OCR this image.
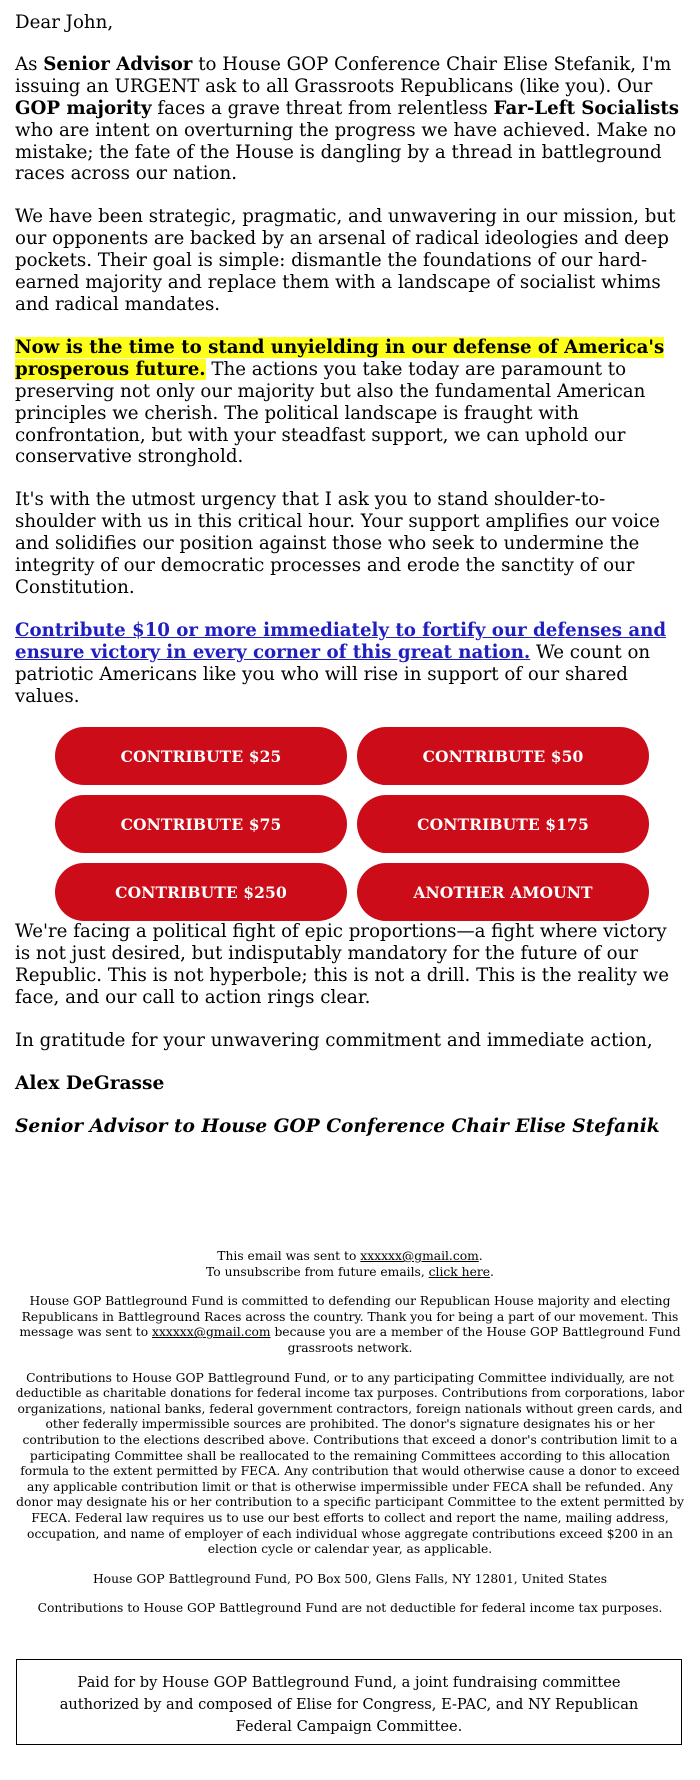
Dear John,

As Senior Advisor to House GOP Conference Chair Elise Stefanik, I'm issuing an URGENT ask to all Grassroots Republicans (like you). Our GOP majority faces a grave threat from relentless Far-Left Socialists who are intent on overturning the progress we have achieved. Make no mistake; the fate of the House is dangling by a thread in battleground races across our nation.

We have been strategic, pragmatic, and unwavering in our mission, but our opponents are backed by an arsenal of radical ideologies and deep pockets. Their goal is simple: dismantle the foundations of our hard-earned majority and replace them with a landscape of socialist whims and radical mandates.

Now is the time to stand unyielding in our defense of America's prosperous future. The actions you take today are paramount to preserving not only our majority but also the fundamental American principles we cherish. The political landscape is fraught with confrontation, but with your steadfast support, we can uphold our conservative stronghold.

It's with the utmost urgency that I ask you to stand shoulder-to-shoulder with us in this critical hour. Your support amplifies our voice and solidifies our position against those who seek to undermine the integrity of our democratic processes and erode the sanctity of our Constitution.

Contribute $10 or more immediately to fortify our defenses and ensure victory in every corner of this great nation. We count on patriotic Americans like you who will rise in support of our shared values.

CONTRIBUTE $25	CONTRIBUTE $50
CONTRIBUTE $75	CONTRIBUTE $175
CONTRIBUTE $250	ANOTHER AMOUNT

We're facing a political fight of epic proportions—a fight where victory is not just desired, but indisputably mandatory for the future of our Republic. This is not hyperbole; this is not a drill. This is the reality we face, and our call to action rings clear.

In gratitude for your unwavering commitment and immediate action,

Alex DeGrasse

Senior Advisor to House GOP Conference Chair Elise Stefanik

This email was sent to xxxxxx@gmail.com.

To unsubscribe from future emails, click here.

House GOP Battleground Fund is committed to defending our Republican House majority and electing Republicans in Battleground Races across the country. Thank you for being a part of our movement. This message was sent to xxxxxx@gmail.com because you are a member of the House GOP Battleground Fund grassroots network.

Contributions to House GOP Battleground Fund, or to any participating Committee individually, are not deductible as charitable donations for federal income tax purposes. Contributions from corporations, labor organizations, national banks, federal government contractors, foreign nationals without green cards, and other federally impermissible sources are prohibited. The donor's signature designates his or her contribution to the elections described above. Contributions that exceed a donor's contribution limit to a participating Committee shall be reallocated to the remaining Committees according to this allocation formula to the extent permitted by FECA. Any contribution that would otherwise cause a donor to exceed any applicable contribution limit or that is otherwise impermissible under FECA shall be refunded. Any donor may designate his or her contribution to a specific participant Committee to the extent permitted by FECA. Federal law requires us to use our best efforts to collect and report the name, mailing address, occupation, and name of employer of each individual whose aggregate contributions exceed $200 in an election cycle or calendar year, as applicable.

House GOP Battleground Fund, PO Box 500, Glens Falls, NY 12801, United States

Contributions to House GOP Battleground Fund are not deductible for federal income tax purposes.

Paid for by House GOP Battleground Fund, a joint fundraising committee authorized by and composed of Elise for Congress, E-PAC, and NY Republican Federal Campaign Committee.
